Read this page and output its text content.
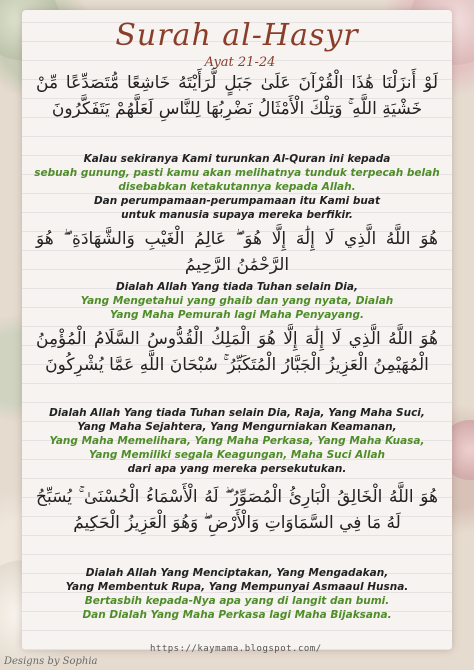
Surah al-Hasyr
Ayat 21-24
لَوْ أَنزَلْنَا هَٰذَا الْقُرْآنَ عَلَىٰ جَبَلٍ لَّرَأَيْتَهُ خَاشِعًا مُّتَصَدِّعًا مِّنْ خَشْيَةِ اللَّهِ ۚ وَتِلْكَ الْأَمْثَالُ نَضْرِبُهَا لِلنَّاسِ لَعَلَّهُمْ يَتَفَكَّرُونَ
Kalau sekiranya Kami turunkan Al-Quran ini kepada
sebuah gunung, pasti kamu akan melihatnya tunduk terpecah belah
disebabkan ketakutannya kepada Allah.
Dan perumpamaan-perumpamaan itu Kami buat
untuk manusia supaya mereka berfikir.
هُوَ اللَّهُ الَّذِي لَا إِلَٰهَ إِلَّا هُوَ ۖ عَالِمُ الْغَيْبِ وَالشَّهَادَةِ ۖ هُوَ الرَّحْمَٰنُ الرَّحِيمُ
Dialah Allah Yang tiada Tuhan selain Dia,
Yang Mengetahui yang ghaib dan yang nyata, Dialah
Yang Maha Pemurah lagi Maha Penyayang.
هُوَ اللَّهُ الَّذِي لَا إِلَٰهَ إِلَّا هُوَ الْمَلِكُ الْقُدُّوسُ السَّلَامُ الْمُؤْمِنُ الْمُهَيْمِنُ الْعَزِيزُ الْجَبَّارُ الْمُتَكَبِّرُ ۚ سُبْحَانَ اللَّهِ عَمَّا يُشْرِكُونَ
Dialah Allah Yang tiada Tuhan selain Dia, Raja, Yang Maha Suci,
Yang Maha Sejahtera, Yang Mengurniakan Keamanan,
Yang Maha Memelihara, Yang Maha Perkasa, Yang Maha Kuasa,
Yang Memiliki segala Keagungan, Maha Suci Allah
dari apa yang mereka persekutukan.
هُوَ اللَّهُ الْخَالِقُ الْبَارِئُ الْمُصَوِّرُ ۖ لَهُ الْأَسْمَاءُ الْحُسْنَىٰ ۚ يُسَبِّحُ لَهُ مَا فِي السَّمَاوَاتِ وَالْأَرْضِ ۖ وَهُوَ الْعَزِيزُ الْحَكِيمُ
Dialah Allah Yang Menciptakan, Yang Mengadakan,
Yang Membentuk Rupa, Yang Mempunyai Asmaaul Husna.
Bertasbih kepada-Nya apa yang di langit dan bumi.
Dan Dialah Yang Maha Perkasa lagi Maha Bijaksana.
https://kaymama.blogspot.com/
Designs by Sophia
